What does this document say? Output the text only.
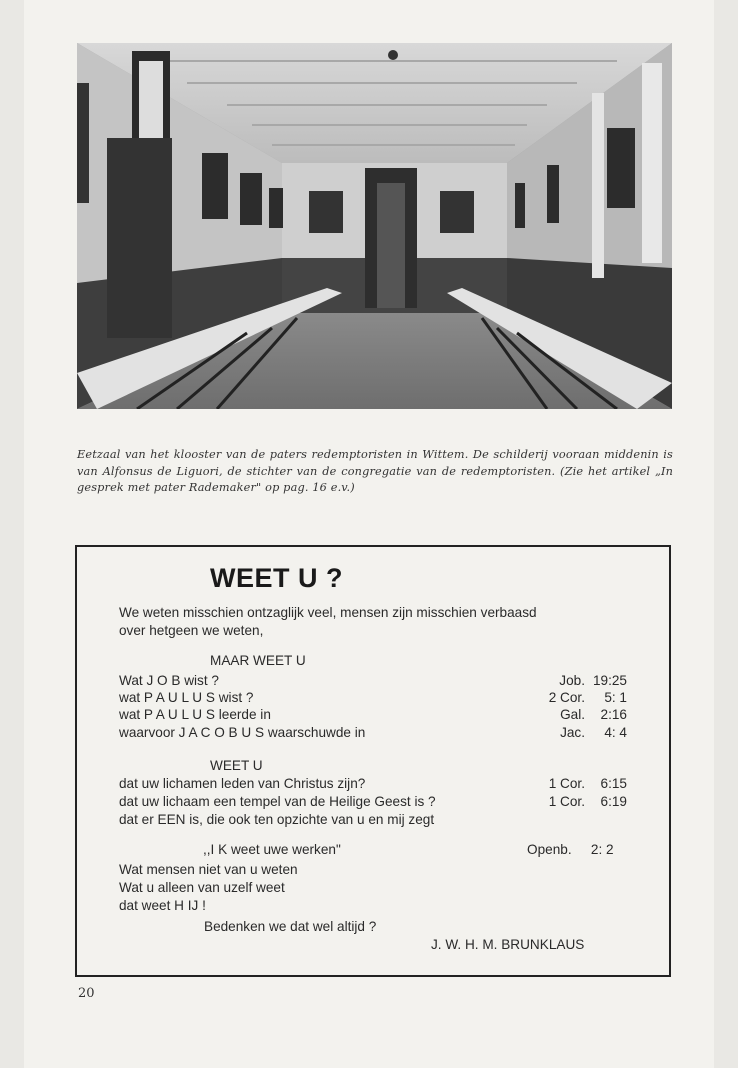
Eetzaal van het klooster van de paters redemptoristen in Wittem. De schilderij vooraan middenin is van Alfonsus de Liguori, de stichter van de congregatie van de redemptoristen. (Zie het artikel „In gesprek met pater Rademaker" op pag. 16 e.v.)
WEET U ?
We weten misschien ontzaglijk veel, mensen zijn misschien verbaasd
over hetgeen we weten,
MAAR WEET U
Wat J O B wist ?	Job. 19:25
wat P A U L U S wist ?	2 Cor. 5: 1
wat P A U L U S leerde in	Gal. 2:16
waarvoor J A C O B U S waarschuwde in	Jac. 4: 4
WEET U
dat uw lichamen leden van Christus zijn?	1 Cor. 6:15
dat uw lichaam een tempel van de Heilige Geest is ?	1 Cor. 6:19
dat er EEN is, die ook ten opzichte van u en mij zegt
,,I K weet uwe werken"	Openb. 2: 2
Wat mensen niet van u weten
Wat u alleen van uzelf weet
dat weet H IJ !
Bedenken we dat wel altijd ?
J. W. H. M. BRUNKLAUS
20
